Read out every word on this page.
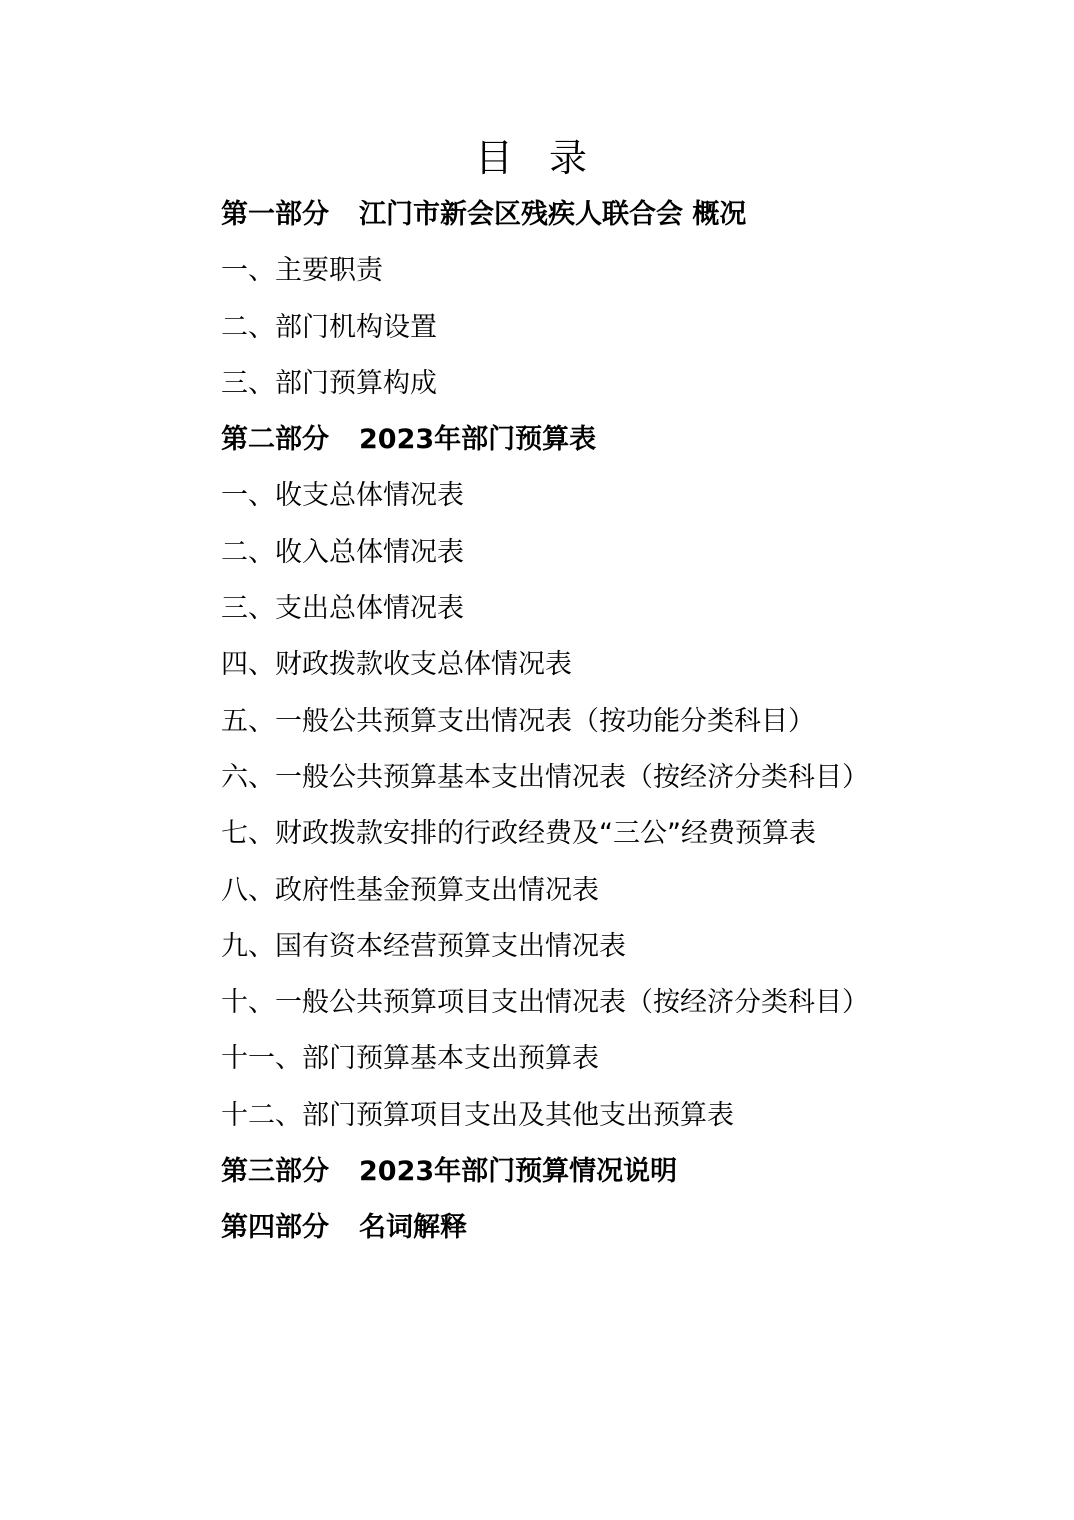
目 录
第一部分 江门市新会区残疾人联合会 概况
一、主要职责
二、部门机构设置
三、部门预算构成
第二部分 2023年部门预算表
一、收支总体情况表
二、收入总体情况表
三、支出总体情况表
四、财政拨款收支总体情况表
五、一般公共预算支出情况表（按功能分类科目）
六、一般公共预算基本支出情况表（按经济分类科目）
七、财政拨款安排的行政经费及“三公”经费预算表
八、政府性基金预算支出情况表
九、国有资本经营预算支出情况表
十、一般公共预算项目支出情况表（按经济分类科目）
十一、部门预算基本支出预算表
十二、部门预算项目支出及其他支出预算表
第三部分 2023年部门预算情况说明
第四部分 名词解释
